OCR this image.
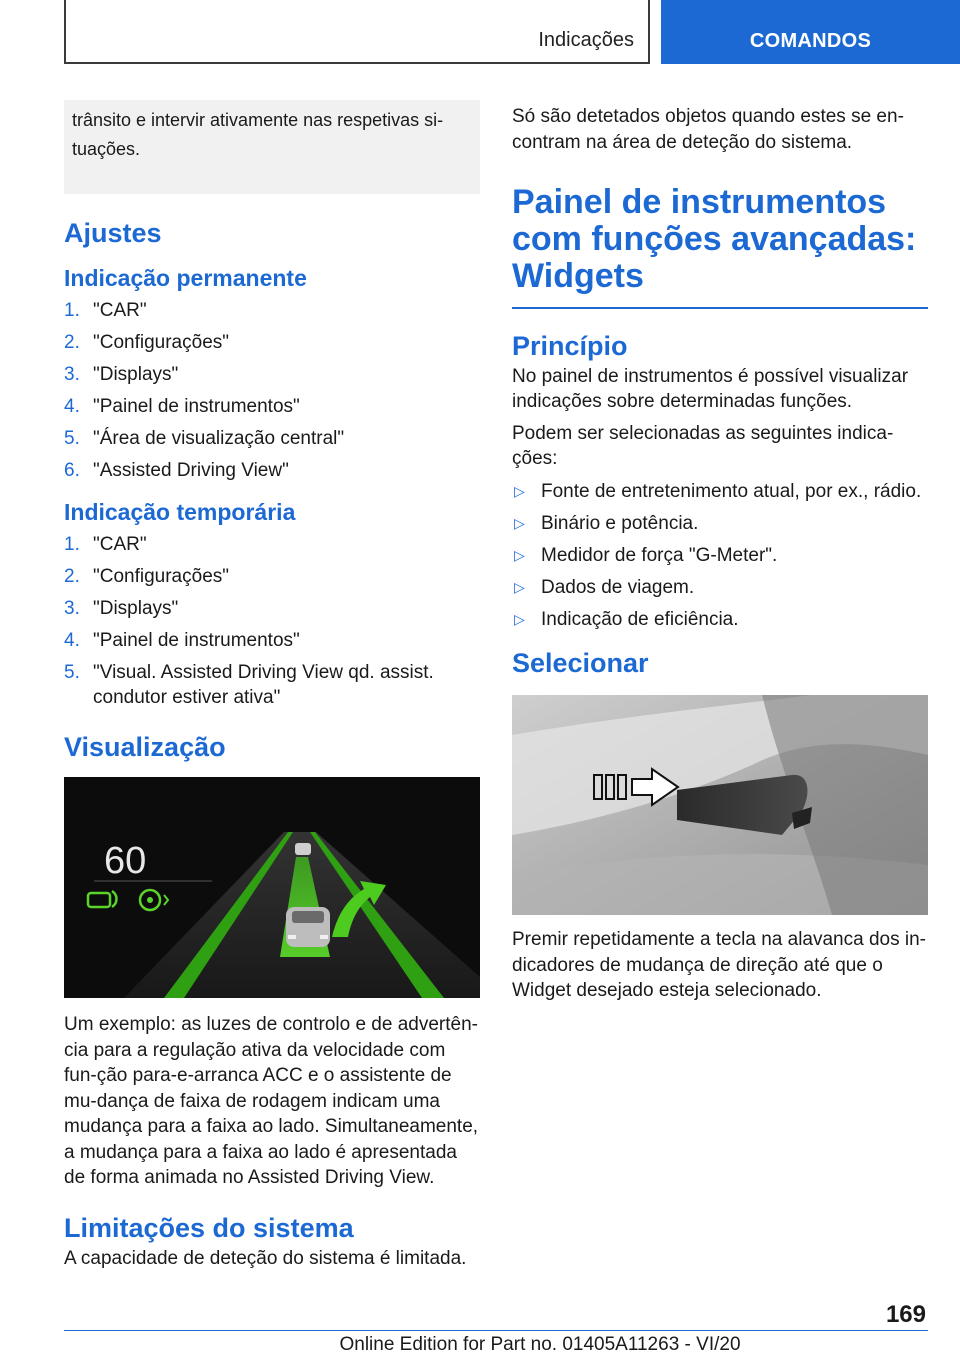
Indicações	COMANDOS
trânsito e intervir ativamente nas respetivas si-tuações.
Ajustes
Indicação permanente
1. "CAR"
2. "Configurações"
3. "Displays"
4. "Painel de instrumentos"
5. "Área de visualização central"
6. "Assisted Driving View"
Indicação temporária
1. "CAR"
2. "Configurações"
3. "Displays"
4. "Painel de instrumentos"
5. "Visual. Assisted Driving View qd. assist. condutor estiver ativa"
Visualização
60

Um exemplo: as luzes de controlo e de advertên-cia para a regulação ativa da velocidade com fun-ção para-e-arranca ACC e o assistente de mu-dança de faixa de rodagem indicam uma mudança para a faixa ao lado. Simultaneamente, a mudança para a faixa ao lado é apresentada de forma animada no Assisted Driving View.

Limitações do sistema

A capacidade de deteção do sistema é limitada.

Só são detetados objetos quando estes se en-contram na área de deteção do sistema.

Painel de instrumentos com funções avançadas: Widgets
Princípio

No painel de instrumentos é possível visualizar indicações sobre determinadas funções.

Podem ser selecionadas as seguintes indica-ções:

▷ Fonte de entretenimento atual, por ex., rádio.
▷ Binário e potência.
▷ Medidor de força "G-Meter".
▷ Dados de viagem.
▷ Indicação de eficiência.
Selecionar

Premir repetidamente a tecla na alavanca dos in-dicadores de mudança de direção até que o Widget desejado esteja selecionado.

169
Online Edition for Part no. 01405A11263 - VI/20
